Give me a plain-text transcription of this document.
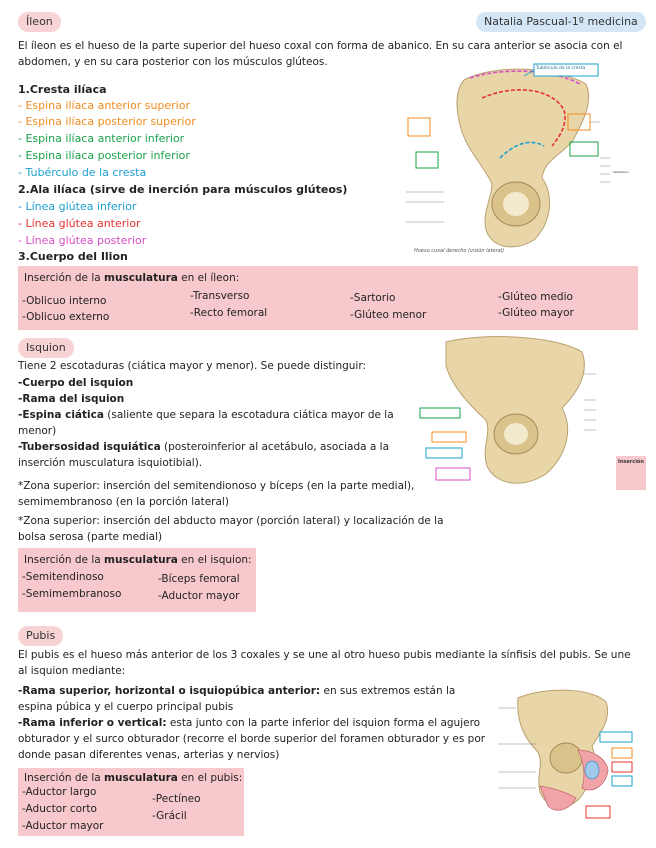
Íleon	Natalia Pascual-1º medicina
El íleon es el hueso de la parte superior del hueso coxal con forma de abanico. En su cara anterior se asocia con el abdomen, y en su cara posterior con los músculos glúteos.
1.Cresta ilíaca
- Espina ilíaca anterior superior
- Espina ilíaca posterior superior
- Espina ilíaca anterior inferior
- Espina ilíaca posterior inferior
- Tubérculo de la cresta
2.Ala ilíaca (sirve de inerción para músculos glúteos)
- Línea glútea inferior
- Línea glútea anterior
- Línea glútea posterior
3.Cuerpo del Ilion
Tubérculo de la cresta
Acetábulo
Hueso coxal derecho (visión lateral)
Inserción de la musculatura en el íleon:
-Oblicuo interno
-Oblicuo externo
-Transverso
-Recto femoral
-Sartorio
-Glúteo menor
-Glúteo medio
-Glúteo mayor
Isquion
Tiene 2 escotaduras (ciática mayor y menor). Se puede distinguir:
-Cuerpo del isquion
-Rama del isquion
-Espina ciática (saliente que separa la escotadura ciática mayor de la menor)
-Tubersosidad isquiática (posteroinferior al acetábulo, asociada a la inserción musculatura isquiotibial).
*Zona superior: inserción del semitendionoso y bíceps (en la parte medial), semimembranoso (en la porción lateral)
*Zona superior: inserción del abducto mayor (porción lateral) y localización de la bolsa serosa (parte medial)
Inserción
Inserción de la musculatura en el isquion:
-Semitendinoso
-Semimembranoso
-Bíceps femoral
-Aductor mayor
Pubis
El pubis es el hueso más anterior de los 3 coxales y se une al otro hueso pubis mediante la sínfisis del pubis. Se une al isquion mediante:
-Rama superior, horizontal o isquiopúbica anterior: en sus extremos están la espina púbica y el cuerpo principal pubis
-Rama inferior o vertical: esta junto con la parte inferior del isquion forma el agujero obturador y el surco obturador (recorre el borde superior del foramen obturador y es por donde pasan diferentes venas, arterias y nervios)
Inserción de la musculatura en el pubis:
-Aductor largo
-Aductor corto
-Aductor mayor
-Pectíneo
-Grácil
